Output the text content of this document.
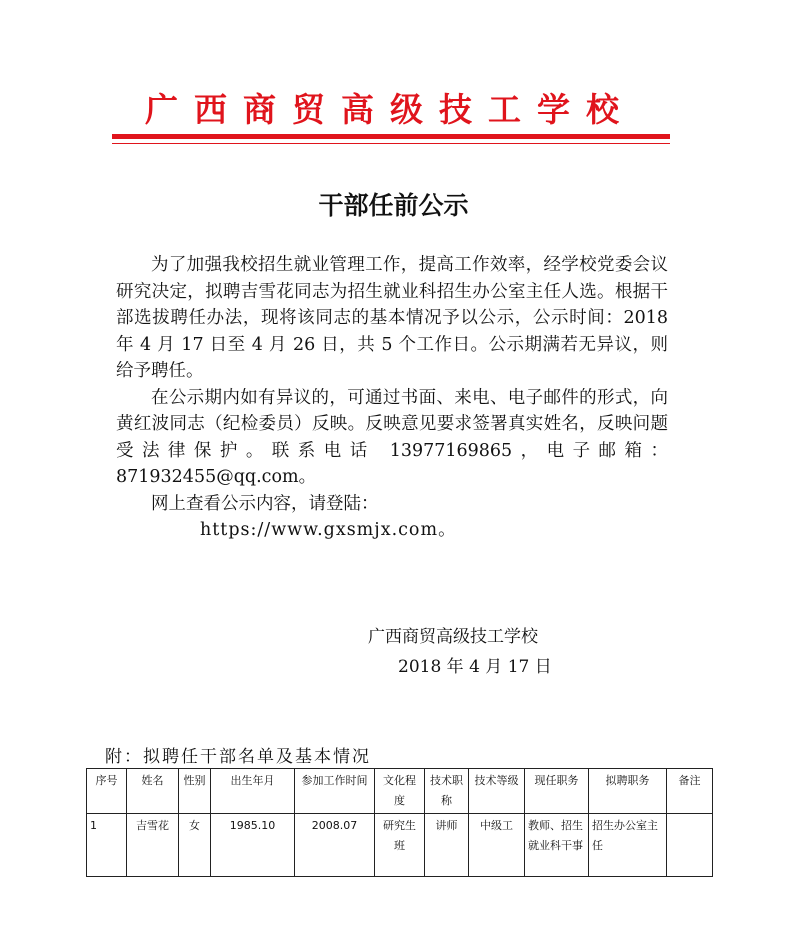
广西商贸高级技工学校
干部任前公示

为了加强我校招生就业管理工作，提高工作效率，经学校党委会议研究决定，拟聘吉雪花同志为招生就业科招生办公室主任人选。根据干部选拔聘任办法，现将该同志的基本情况予以公示，公示时间：2018 年 4 月 17 日至 4 月 26 日，共 5 个工作日。公示期满若无异议，则给予聘任。

在公示期内如有异议的，可通过书面、来电、电子邮件的形式，向黄红波同志（纪检委员）反映。反映意见要求签署真实姓名，反映问题受法律保护。联系电话 13977169865，电子邮箱：871932455@qq.com。

网上查看公示内容，请登陆：

https://www.gxsmjx.com。

广西商贸高级技工学校
2018 年 4 月 17 日
附：拟聘任干部名单及基本情况
序号	姓名	性别	出生年月	参加工作时间	文化程度	技术职称	技术等级	现任职务	拟聘职务	备注
1	吉雪花	女	1985.10	2008.07	研究生班	讲师	中级工	教师、招生就业科干事	招生办公室主任	
